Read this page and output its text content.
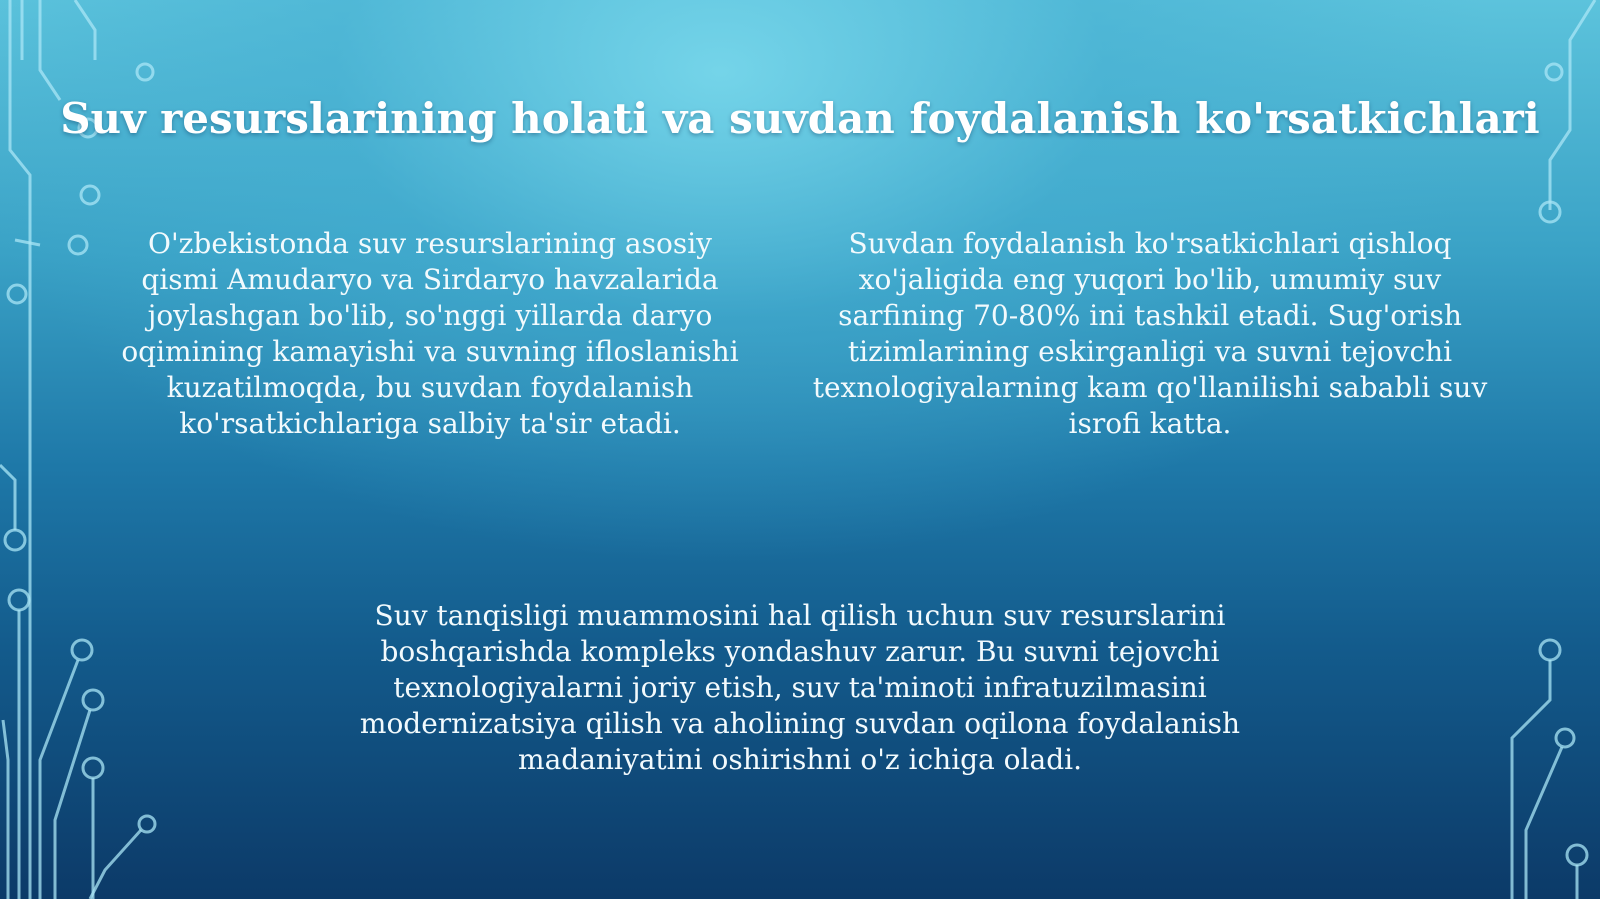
Suv resurslarining holati va suvdan foydalanish ko'rsatkichlari

O'zbekistonda suv resurslarining asosiy qismi Amudaryo va Sirdaryo havzalarida joylashgan bo'lib, so'nggi yillarda daryo oqimining kamayishi va suvning ifloslanishi kuzatilmoqda, bu suvdan foydalanish ko'rsatkichlariga salbiy ta'sir etadi.

Suvdan foydalanish ko'rsatkichlari qishloq xo'jaligida eng yuqori bo'lib, umumiy suv sarfining 70-80% ini tashkil etadi. Sug'orish tizimlarining eskirganligi va suvni tejovchi texnologiyalarning kam qo'llanilishi sababli suv isrofi katta.

Suv tanqisligi muammosini hal qilish uchun suv resurslarini boshqarishda kompleks yondashuv zarur. Bu suvni tejovchi texnologiyalarni joriy etish, suv ta'minoti infratuzilmasini modernizatsiya qilish va aholining suvdan oqilona foydalanish madaniyatini oshirishni o'z ichiga oladi.
